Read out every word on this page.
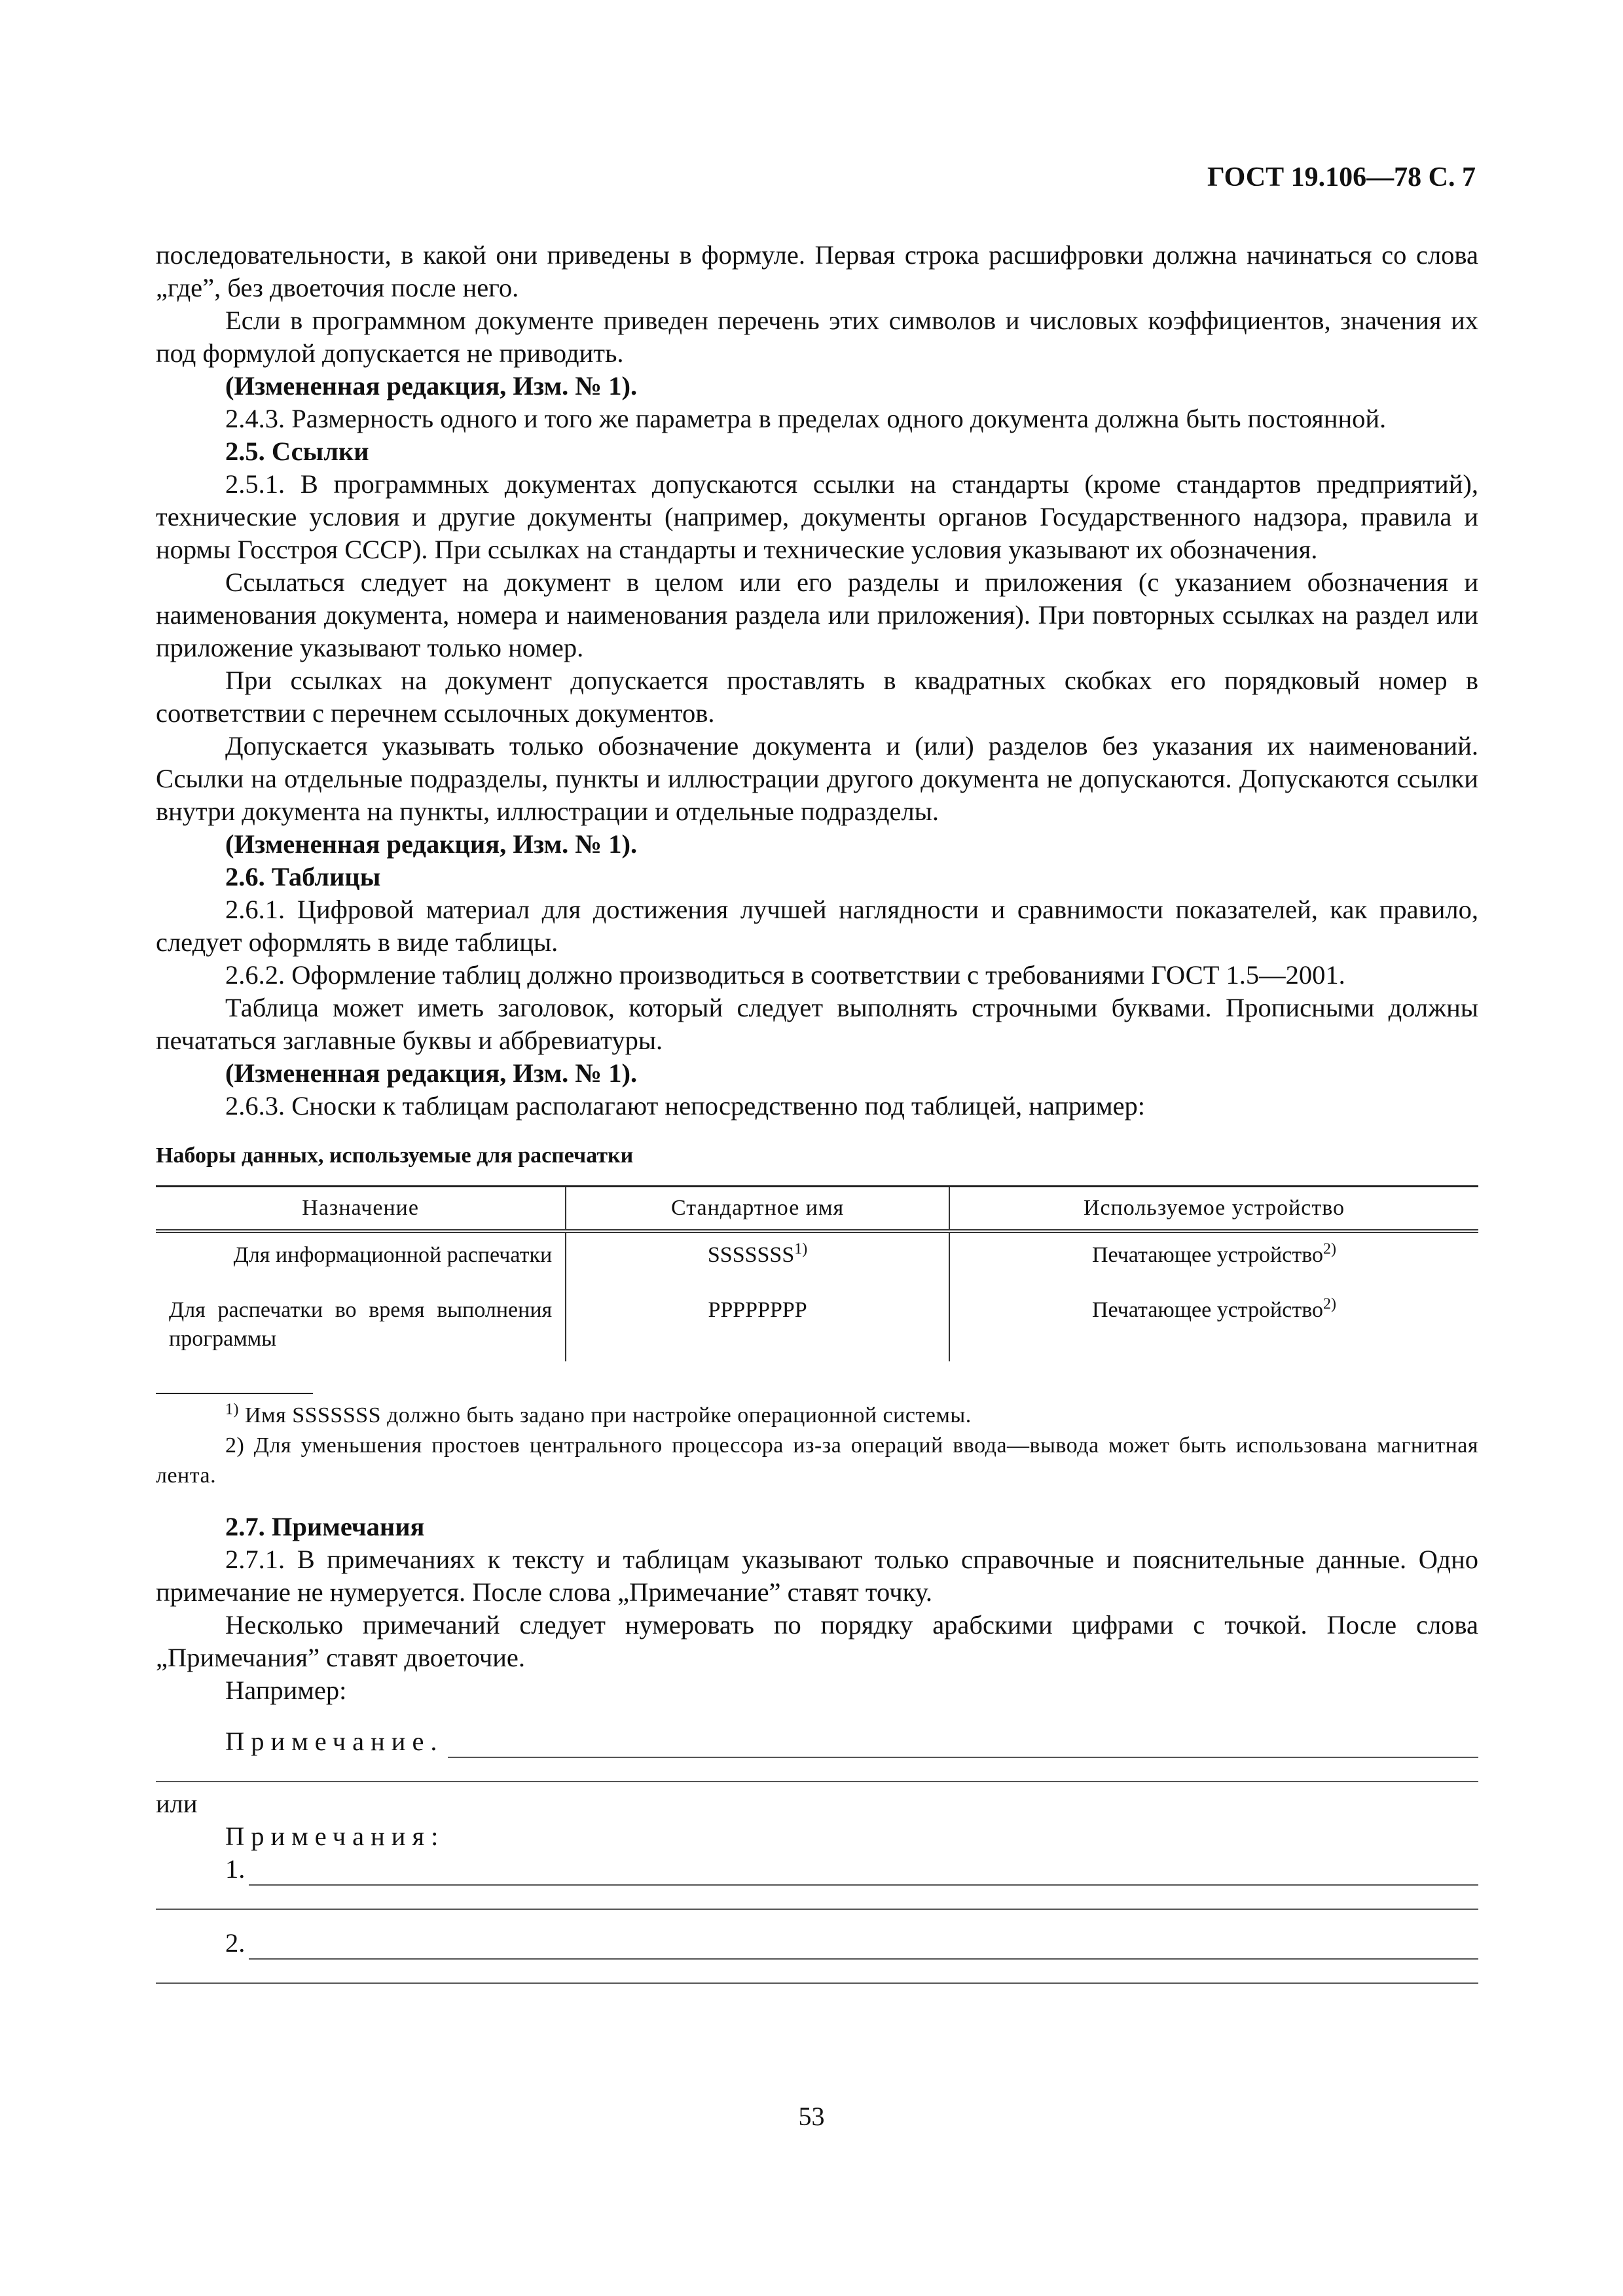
ГОСТ 19.106—78 С. 7

последовательности, в какой они приведены в формуле. Первая строка расшифровки должна начинаться со слова „где”, без двоеточия после него.

Если в программном документе приведен перечень этих символов и числовых коэффициентов, значения их под формулой допускается не приводить.

(Измененная редакция, Изм. № 1).

2.4.3. Размерность одного и того же параметра в пределах одного документа должна быть постоянной.

2.5. Ссылки

2.5.1. В программных документах допускаются ссылки на стандарты (кроме стандартов предприятий), технические условия и другие документы (например, документы органов Государственного надзора, правила и нормы Госстроя СССР). При ссылках на стандарты и технические условия указывают их обозначения.

Ссылаться следует на документ в целом или его разделы и приложения (с указанием обозначения и наименования документа, номера и наименования раздела или приложения). При повторных ссылках на раздел или приложение указывают только номер.

При ссылках на документ допускается проставлять в квадратных скобках его порядковый номер в соответствии с перечнем ссылочных документов.

Допускается указывать только обозначение документа и (или) разделов без указания их наименований. Ссылки на отдельные подразделы, пункты и иллюстрации другого документа не допускаются. Допускаются ссылки внутри документа на пункты, иллюстрации и отдельные подразделы.

(Измененная редакция, Изм. № 1).

2.6. Таблицы

2.6.1. Цифровой материал для достижения лучшей наглядности и сравнимости показателей, как правило, следует оформлять в виде таблицы.

2.6.2. Оформление таблиц должно производиться в соответствии с требованиями ГОСТ 1.5—2001.

Таблица может иметь заголовок, который следует выполнять строчными буквами. Прописными должны печататься заглавные буквы и аббревиатуры.

(Измененная редакция, Изм. № 1).

2.6.3. Сноски к таблицам располагают непосредственно под таблицей, например:

Наборы данных, используемые для распечатки

Назначение	Стандартное имя	Используемое устройство
Для информационной распечатки	SSSSSSS$^{1)}$	Печатающее устройство$^{2)}$
Для распечатки во время выполнения программы	PPPPPPPP	Печатающее устройство$^{2)}$

$^{1)}$ Имя SSSSSSS должно быть задано при настройке операционной системы.

2) Для уменьшения простоев центрального процессора из-за операций ввода—вывода может быть использована магнитная лента.

2.7. Примечания

2.7.1. В примечаниях к тексту и таблицам указывают только справочные и пояснительные данные. Одно примечание не нумеруется. После слова „Примечание” ставят точку.

Несколько примечаний следует нумеровать по порядку арабскими цифрами с точкой. После слова „Примечания” ставят двоеточие.

Например:

Примечание.

или

Примечания:

1.
2.
53
